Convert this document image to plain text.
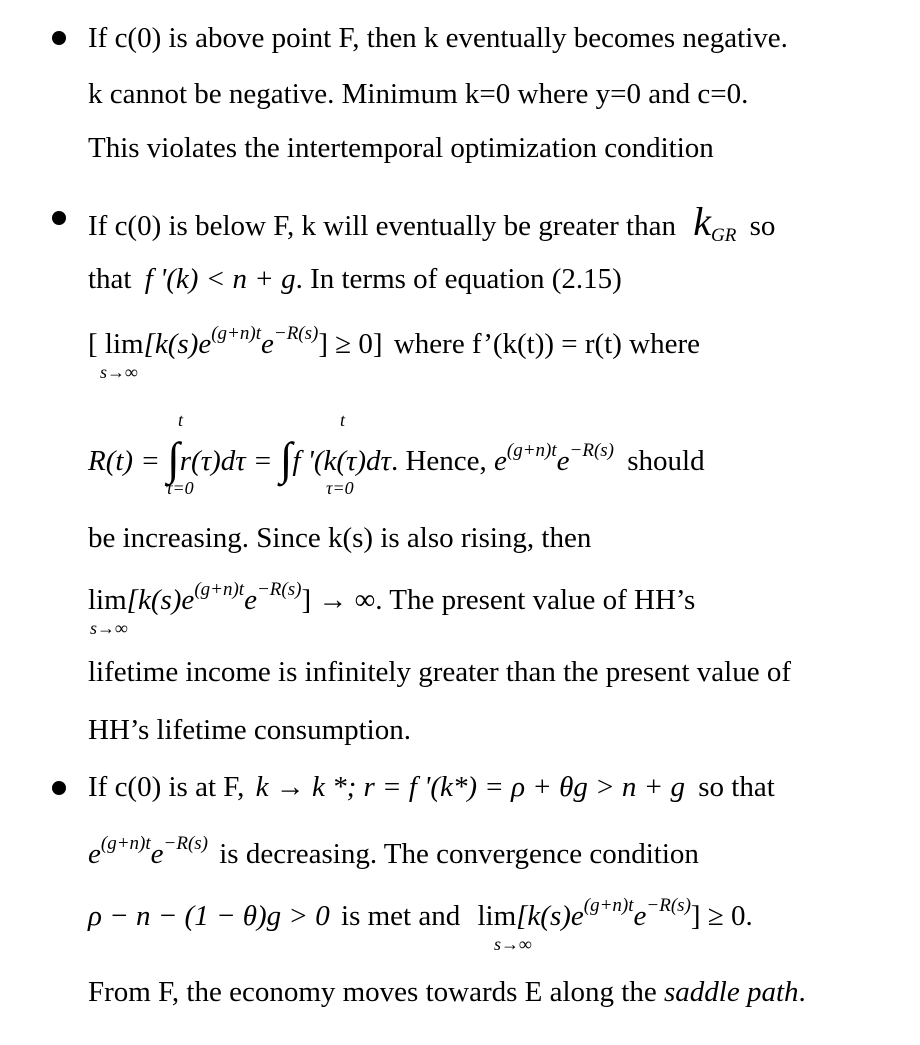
If c(0) is above point F, then k eventually becomes negative.
k cannot be negative. Minimum k=0 where y=0 and c=0.
This violates the intertemporal optimization condition
If c(0) is below F, k will eventually be greater than $k_{GR}$ so
that f '(k) < n + g. In terms of equation (2.15)
[ $\lim[k(s)e^{(g+n)t}e^{-R(s)}] \ge 0$] where f’(k(t)) = r(t) where
s→∞
t	t
R(t) = ∫r(τ)dτ = ∫f '(k(τ)dτ. Hence, $e^{(g+n)t}e^{-R(s)}$ should
τ=0	τ=0
be increasing. Since k(s) is also rising, then
$\lim[k(s)e^{(g+n)t}e^{-R(s)}]$ → ∞. The present value of HH’s
s→∞
lifetime income is infinitely greater than the present value of
HH’s lifetime consumption.
If c(0) is at F, k → k *; r = f '(k*) = ρ + θg > n + g so that
$e^{(g+n)t}e^{-R(s)}$ is decreasing. The convergence condition
ρ − n − (1 − θ)g > 0 is met and $\lim[k(s)e^{(g+n)t}e^{-R(s)}] \ge 0$.
s→∞
From F, the economy moves towards E along the saddle path.
